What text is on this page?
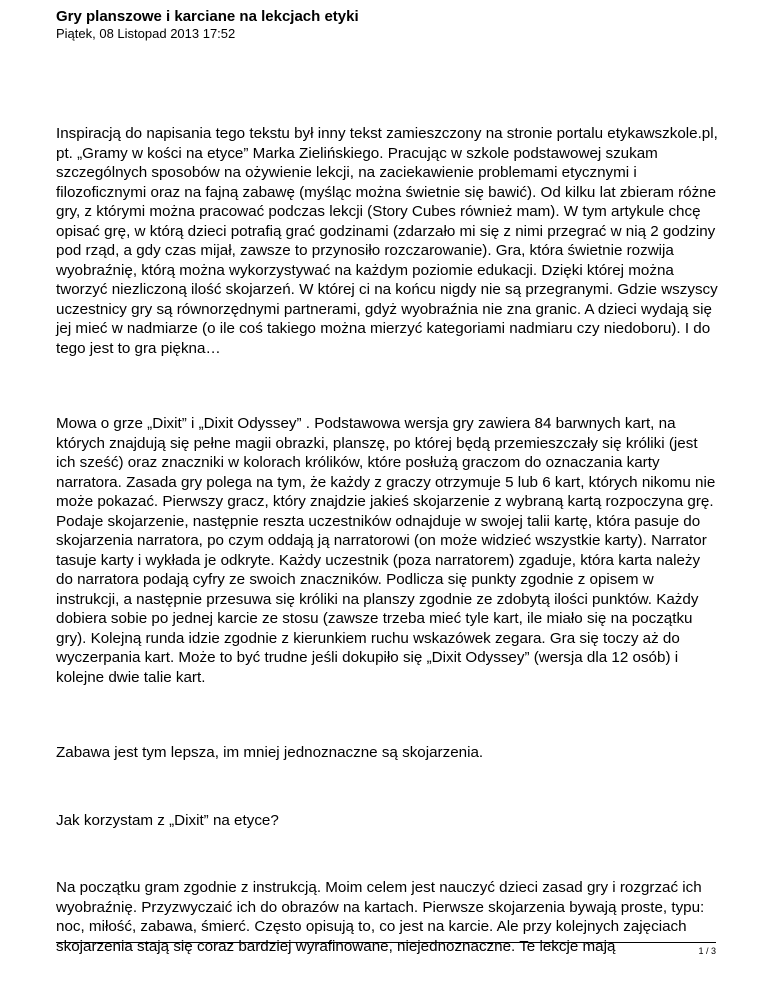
Gry planszowe i karciane na lekcjach etyki

Piątek, 08 Listopad 2013 17:52

Inspiracją do napisania tego tekstu był inny tekst zamieszczony na stronie portalu etykawszkole.pl, pt. „Gramy w kości na etyce” Marka Zielińskiego. Pracując w szkole podstawowej szukam szczególnych sposobów na ożywienie lekcji, na zaciekawienie problemami etycznymi i filozoficznymi oraz na fajną zabawę (myśląc można świetnie się bawić). Od kilku lat zbieram różne gry, z którymi można pracować podczas lekcji (Story Cubes również mam). W tym artykule chcę opisać grę, w którą dzieci potrafią grać godzinami (zdarzało mi się z nimi przegrać w nią 2 godziny pod rząd, a gdy czas mijał, zawsze to przynosiło rozczarowanie). Gra, która świetnie rozwija wyobraźnię, którą można wykorzystywać na każdym poziomie edukacji. Dzięki której można tworzyć niezliczoną ilość skojarzeń. W której ci na końcu nigdy nie są przegranymi. Gdzie wszyscy uczestnicy gry są równorzędnymi partnerami, gdyż wyobraźnia nie zna granic. A dzieci wydają się jej mieć w nadmiarze (o ile coś takiego można mierzyć kategoriami nadmiaru czy niedoboru). I do tego jest to gra piękna…

Mowa o grze „Dixit” i „Dixit Odyssey” . Podstawowa wersja gry zawiera 84 barwnych kart, na których znajdują się pełne magii obrazki, planszę, po której będą przemieszczały się króliki (jest ich sześć) oraz znaczniki w kolorach królików, które posłużą graczom do oznaczania karty narratora. Zasada gry polega na tym, że każdy z graczy otrzymuje 5 lub 6 kart, których nikomu nie może pokazać. Pierwszy gracz, który znajdzie jakieś skojarzenie z wybraną kartą rozpoczyna grę. Podaje skojarzenie, następnie reszta uczestników odnajduje w swojej talii kartę, która pasuje do skojarzenia narratora, po czym oddają ją narratorowi (on może widzieć wszystkie karty). Narrator tasuje karty i wykłada je odkryte. Każdy uczestnik (poza narratorem) zgaduje, która karta należy do narratora podają cyfry ze swoich znaczników. Podlicza się punkty zgodnie z opisem w instrukcji, a następnie przesuwa się króliki na planszy zgodnie ze zdobytą ilości punktów. Każdy dobiera sobie po jednej karcie ze stosu (zawsze trzeba mieć tyle kart, ile miało się na początku gry). Kolejną runda idzie zgodnie z kierunkiem ruchu wskazówek zegara. Gra się toczy aż do wyczerpania kart. Może to być trudne jeśli dokupiło się „Dixit Odyssey” (wersja dla 12 osób) i kolejne dwie talie kart.

Zabawa jest tym lepsza, im mniej jednoznaczne są skojarzenia.

Jak korzystam z „Dixit” na etyce?

Na początku gram zgodnie z instrukcją. Moim celem jest nauczyć dzieci zasad gry i rozgrzać ich wyobraźnię. Przyzwyczaić ich do obrazów na kartach. Pierwsze skojarzenia bywają proste, typu: noc, miłość, zabawa, śmierć. Często opisują to, co jest na karcie. Ale przy kolejnych zajęciach skojarzenia stają się coraz bardziej wyrafinowane, niejednoznaczne. Te lekcje mają	1 / 3
